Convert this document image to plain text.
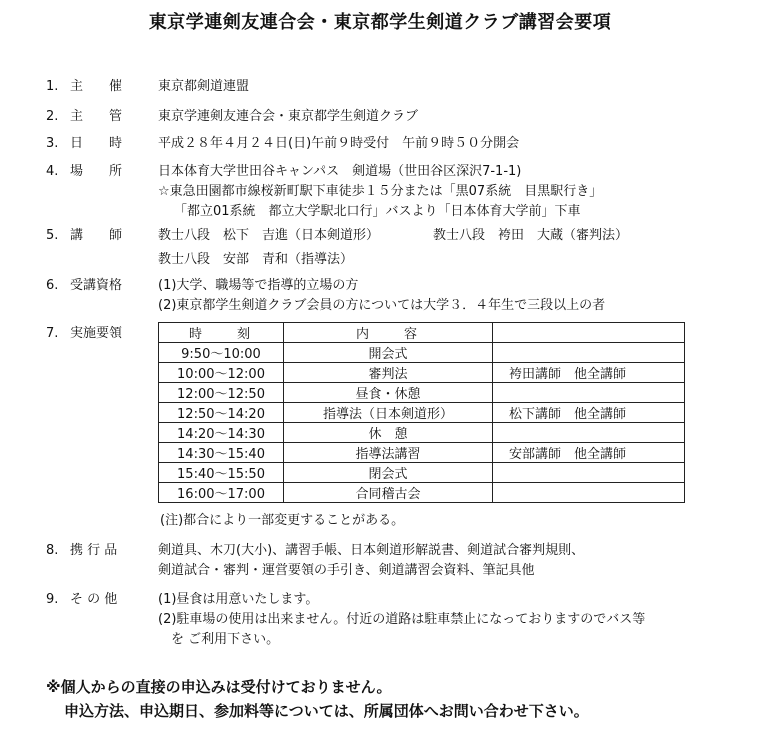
東京学連剣友連合会・東京都学生剣道クラブ講習会要項
1. 主　　催	東京都剣道連盟
2. 主　　管	東京学連剣友連合会・東京都学生剣道クラブ
3. 日　　時	平成２８年４月２４日(日)午前９時受付　午前９時５０分開会
4. 場　　所	日本体育大学世田谷キャンパス　剣道場（世田谷区深沢7-1-1)
☆東急田園都市線桜新町駅下車徒歩１５分または「黒07系統　目黒駅行き」
「都立01系統　都立大学駅北口行」バスより「日本体育大学前」下車
5. 講　　師	教士八段　松下　吉進（日本剣道形）	教士八段　袴田　大蔵（審判法）
教士八段　安部　青和（指導法）
6. 受講資格	(1)大学、職場等で指導的立場の方
(2)東京都学生剣道クラブ会員の方については大学３．４年生で三段以上の者
7. 実施要領	時　　刻	内　　容	
9:50～10:00	開会式	
10:00～12:00	審判法	袴田講師　他全講師
12:00～12:50	昼食・休憩	
12:50～14:20	指導法（日本剣道形）	松下講師　他全講師
14:20～14:30	休　憩	
14:30～15:40	指導法講習	安部講師　他全講師
15:40～15:50	閉会式	
16:00～17:00	合同稽古会	
(注)都合により一部変更することがある。
8. 携 行 品	剣道具、木刀(大小)、講習手帳、日本剣道形解説書、剣道試合審判規則、
剣道試合・審判・運営要領の手引き、剣道講習会資料、筆記具他
9. そ の 他	(1)昼食は用意いたします。
(2)駐車場の使用は出来ません。付近の道路は駐車禁止になっておりますのでバス等
　を ご利用下さい。
※個人からの直接の申込みは受付けておりません。
申込方法、申込期日、参加料等については、所属団体へお問い合わせ下さい。
